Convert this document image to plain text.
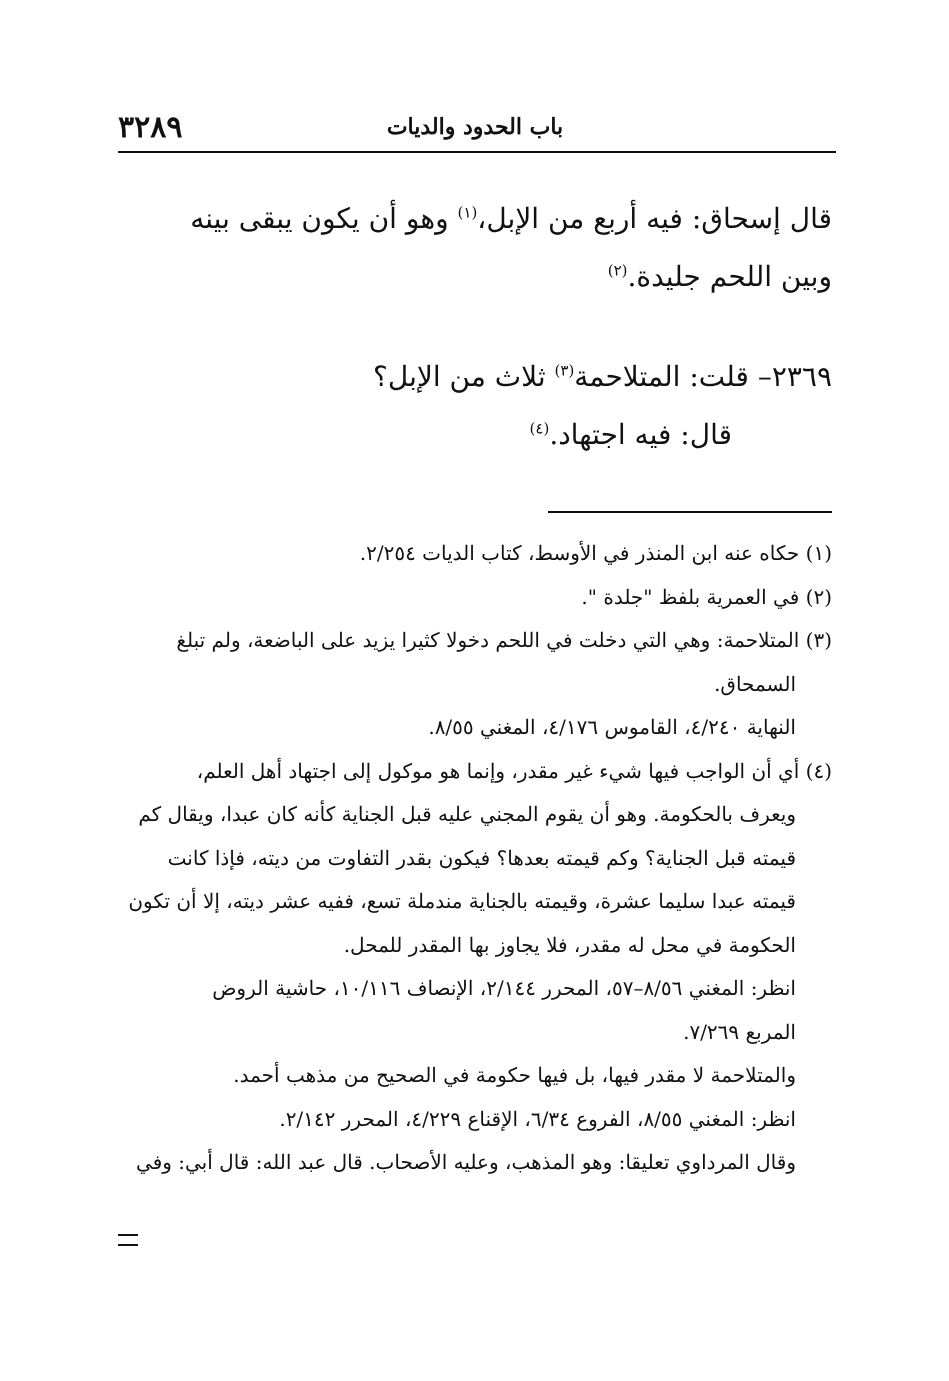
باب الحدود والديات
٣٢٨٩

قال إسحاق: فيه أربع من الإبل،$^{(١)}$ وهو أن يكون يبقى بينه

وبين اللحم جليدة.$^{(٢)}$

٢٣٦٩– قلت: المتلاحمة$^{(٣)}$ ثلاث من الإبل؟

قال: فيه اجتهاد.$^{(٤)}$

(١) حكاه عنه ابن المنذر في الأوسط، كتاب الديات ٢/٢٥٤.
(٢) في العمرية بلفظ "جلدة ".
(٣) المتلاحمة: وهي التي دخلت في اللحم دخولا كثيرا يزيد على الباضعة، ولم تبلغ
السمحاق.
النهاية ٤/٢٤٠، القاموس ٤/١٧٦، المغني ٨/٥٥.
(٤) أي أن الواجب فيها شيء غير مقدر، وإنما هو موكول إلى اجتهاد أهل العلم،
ويعرف بالحكومة. وهو أن يقوم المجني عليه قبل الجناية كأنه كان عبدا، ويقال كم
قيمته قبل الجناية؟ وكم قيمته بعدها؟ فيكون بقدر التفاوت من ديته، فإذا كانت
قيمته عبدا سليما عشرة، وقيمته بالجناية مندملة تسع، ففيه عشر ديته، إلا أن تكون
الحكومة في محل له مقدر، فلا يجاوز بها المقدر للمحل.
انظر: المغني ٨/٥٦–٥٧، المحرر ٢/١٤٤، الإنصاف ١٠/١١٦، حاشية الروض
المربع ٧/٢٦٩.
والمتلاحمة لا مقدر فيها، بل فيها حكومة في الصحيح من مذهب أحمد.
انظر: المغني ٨/٥٥، الفروع ٦/٣٤، الإقناع ٤/٢٢٩، المحرر ٢/١٤٢.
وقال المرداوي تعليقا: وهو المذهب، وعليه الأصحاب. قال عبد الله: قال أبي: وفي
